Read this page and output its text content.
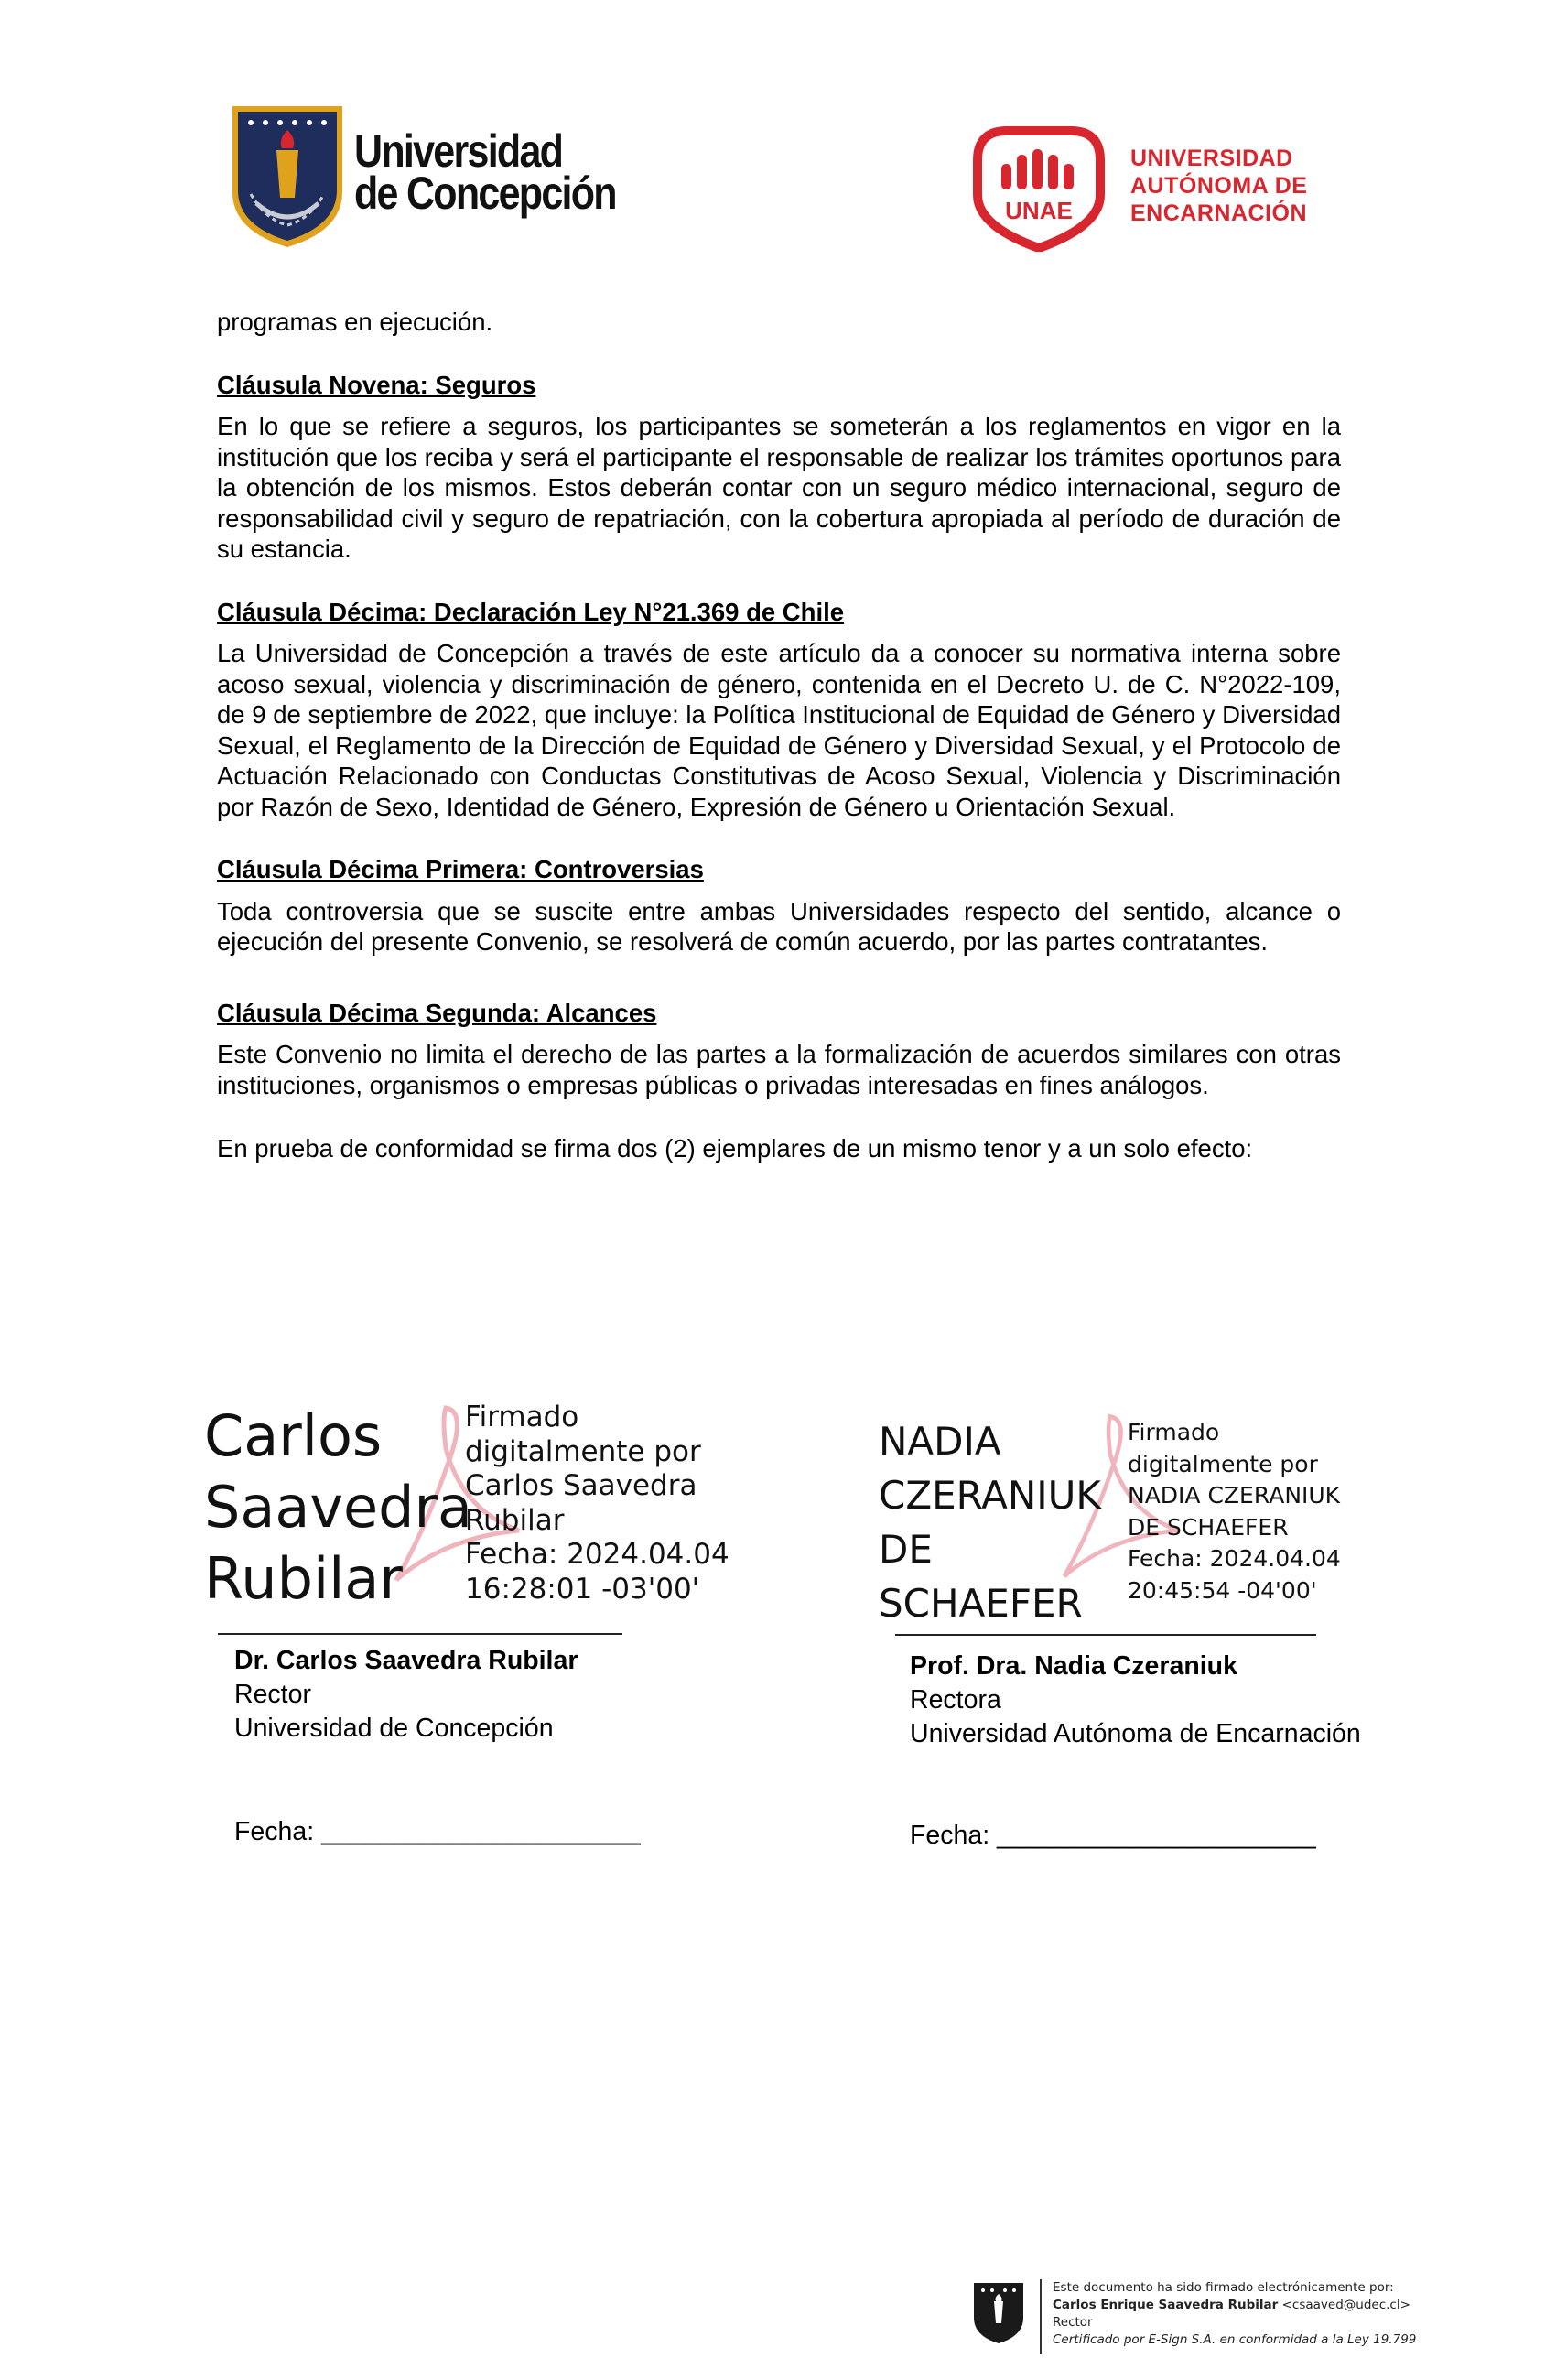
Universidad
de Concepción	UNAE
UNIVERSIDAD
AUTÓNOMA DE
ENCARNACIÓN

programas en ejecución.

Cláusula Novena: Seguros

En lo que se refiere a seguros, los participantes se someterán a los reglamentos en vigor en la institución que los reciba y será el participante el responsable de realizar los trámites oportunos para la obtención de los mismos. Estos deberán contar con un seguro médico internacional, seguro de responsabilidad civil y seguro de repatriación, con la cobertura apropiada al período de duración de su estancia.

Cláusula Décima: Declaración Ley N°21.369 de Chile

La Universidad de Concepción a través de este artículo da a conocer su normativa interna sobre acoso sexual, violencia y discriminación de género, contenida en el Decreto U. de C. N°2022-109, de 9 de septiembre de 2022, que incluye: la Política Institucional de Equidad de Género y Diversidad Sexual, el Reglamento de la Dirección de Equidad de Género y Diversidad Sexual, y el Protocolo de Actuación Relacionado con Conductas Constitutivas de Acoso Sexual, Violencia y Discriminación por Razón de Sexo, Identidad de Género, Expresión de Género u Orientación Sexual.

Cláusula Décima Primera: Controversias

Toda controversia que se suscite entre ambas Universidades respecto del sentido, alcance o ejecución del presente Convenio, se resolverá de común acuerdo, por las partes contratantes.

Cláusula Décima Segunda: Alcances

Este Convenio no limita el derecho de las partes a la formalización de acuerdos similares con otras instituciones, organismos o empresas públicas o privadas interesadas en fines análogos.

En prueba de conformidad se firma dos (2) ejemplares de un mismo tenor y a un solo efecto:

Carlos
Saavedra
Rubilar
Firmado
digitalmente por
Carlos Saavedra
Rubilar
Fecha: 2024.04.04
16:28:01 -03'00'
Dr. Carlos Saavedra Rubilar
Rector
Universidad de Concepción
Fecha: ______________________
NADIA
CZERANIUK
DE
SCHAEFER
Firmado
digitalmente por
NADIA CZERANIUK
DE SCHAEFER
Fecha: 2024.04.04
20:45:54 -04'00'
Prof. Dra. Nadia Czeraniuk
Rectora
Universidad Autónoma de Encarnación
Fecha: ______________________
Este documento ha sido firmado electrónicamente por:
Carlos Enrique Saavedra Rubilar <csaaved@udec.cl>
Rector
Certificado por E-Sign S.A. en conformidad a la Ley 19.799
